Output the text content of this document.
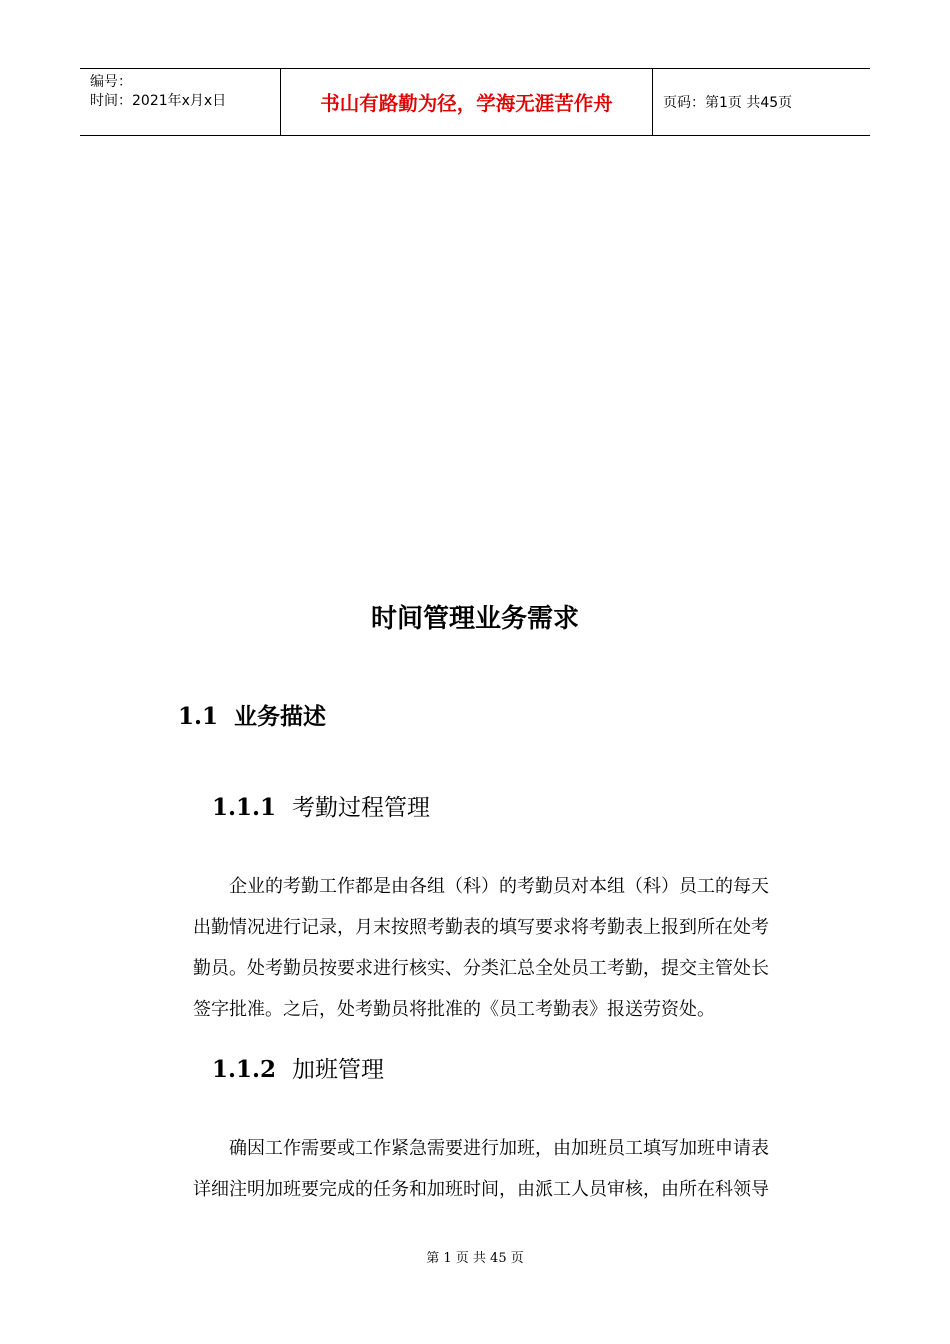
编号：
时间：2021年x月x日	书山有路勤为径，学海无涯苦作舟	页码：第1页 共45页
时间管理业务需求
1.1 业务描述
1.1.1 考勤过程管理

企业的考勤工作都是由各组（科）的考勤员对本组（科）员工的每天
出勤情况进行记录，月末按照考勤表的填写要求将考勤表上报到所在处考
勤员。处考勤员按要求进行核实、分类汇总全处员工考勤，提交主管处长
签字批准。之后，处考勤员将批准的《员工考勤表》报送劳资处。

1.1.2 加班管理

确因工作需要或工作紧急需要进行加班，由加班员工填写加班申请表
详细注明加班要完成的任务和加班时间，由派工人员审核，由所在科领导

第 1 页 共 45 页
